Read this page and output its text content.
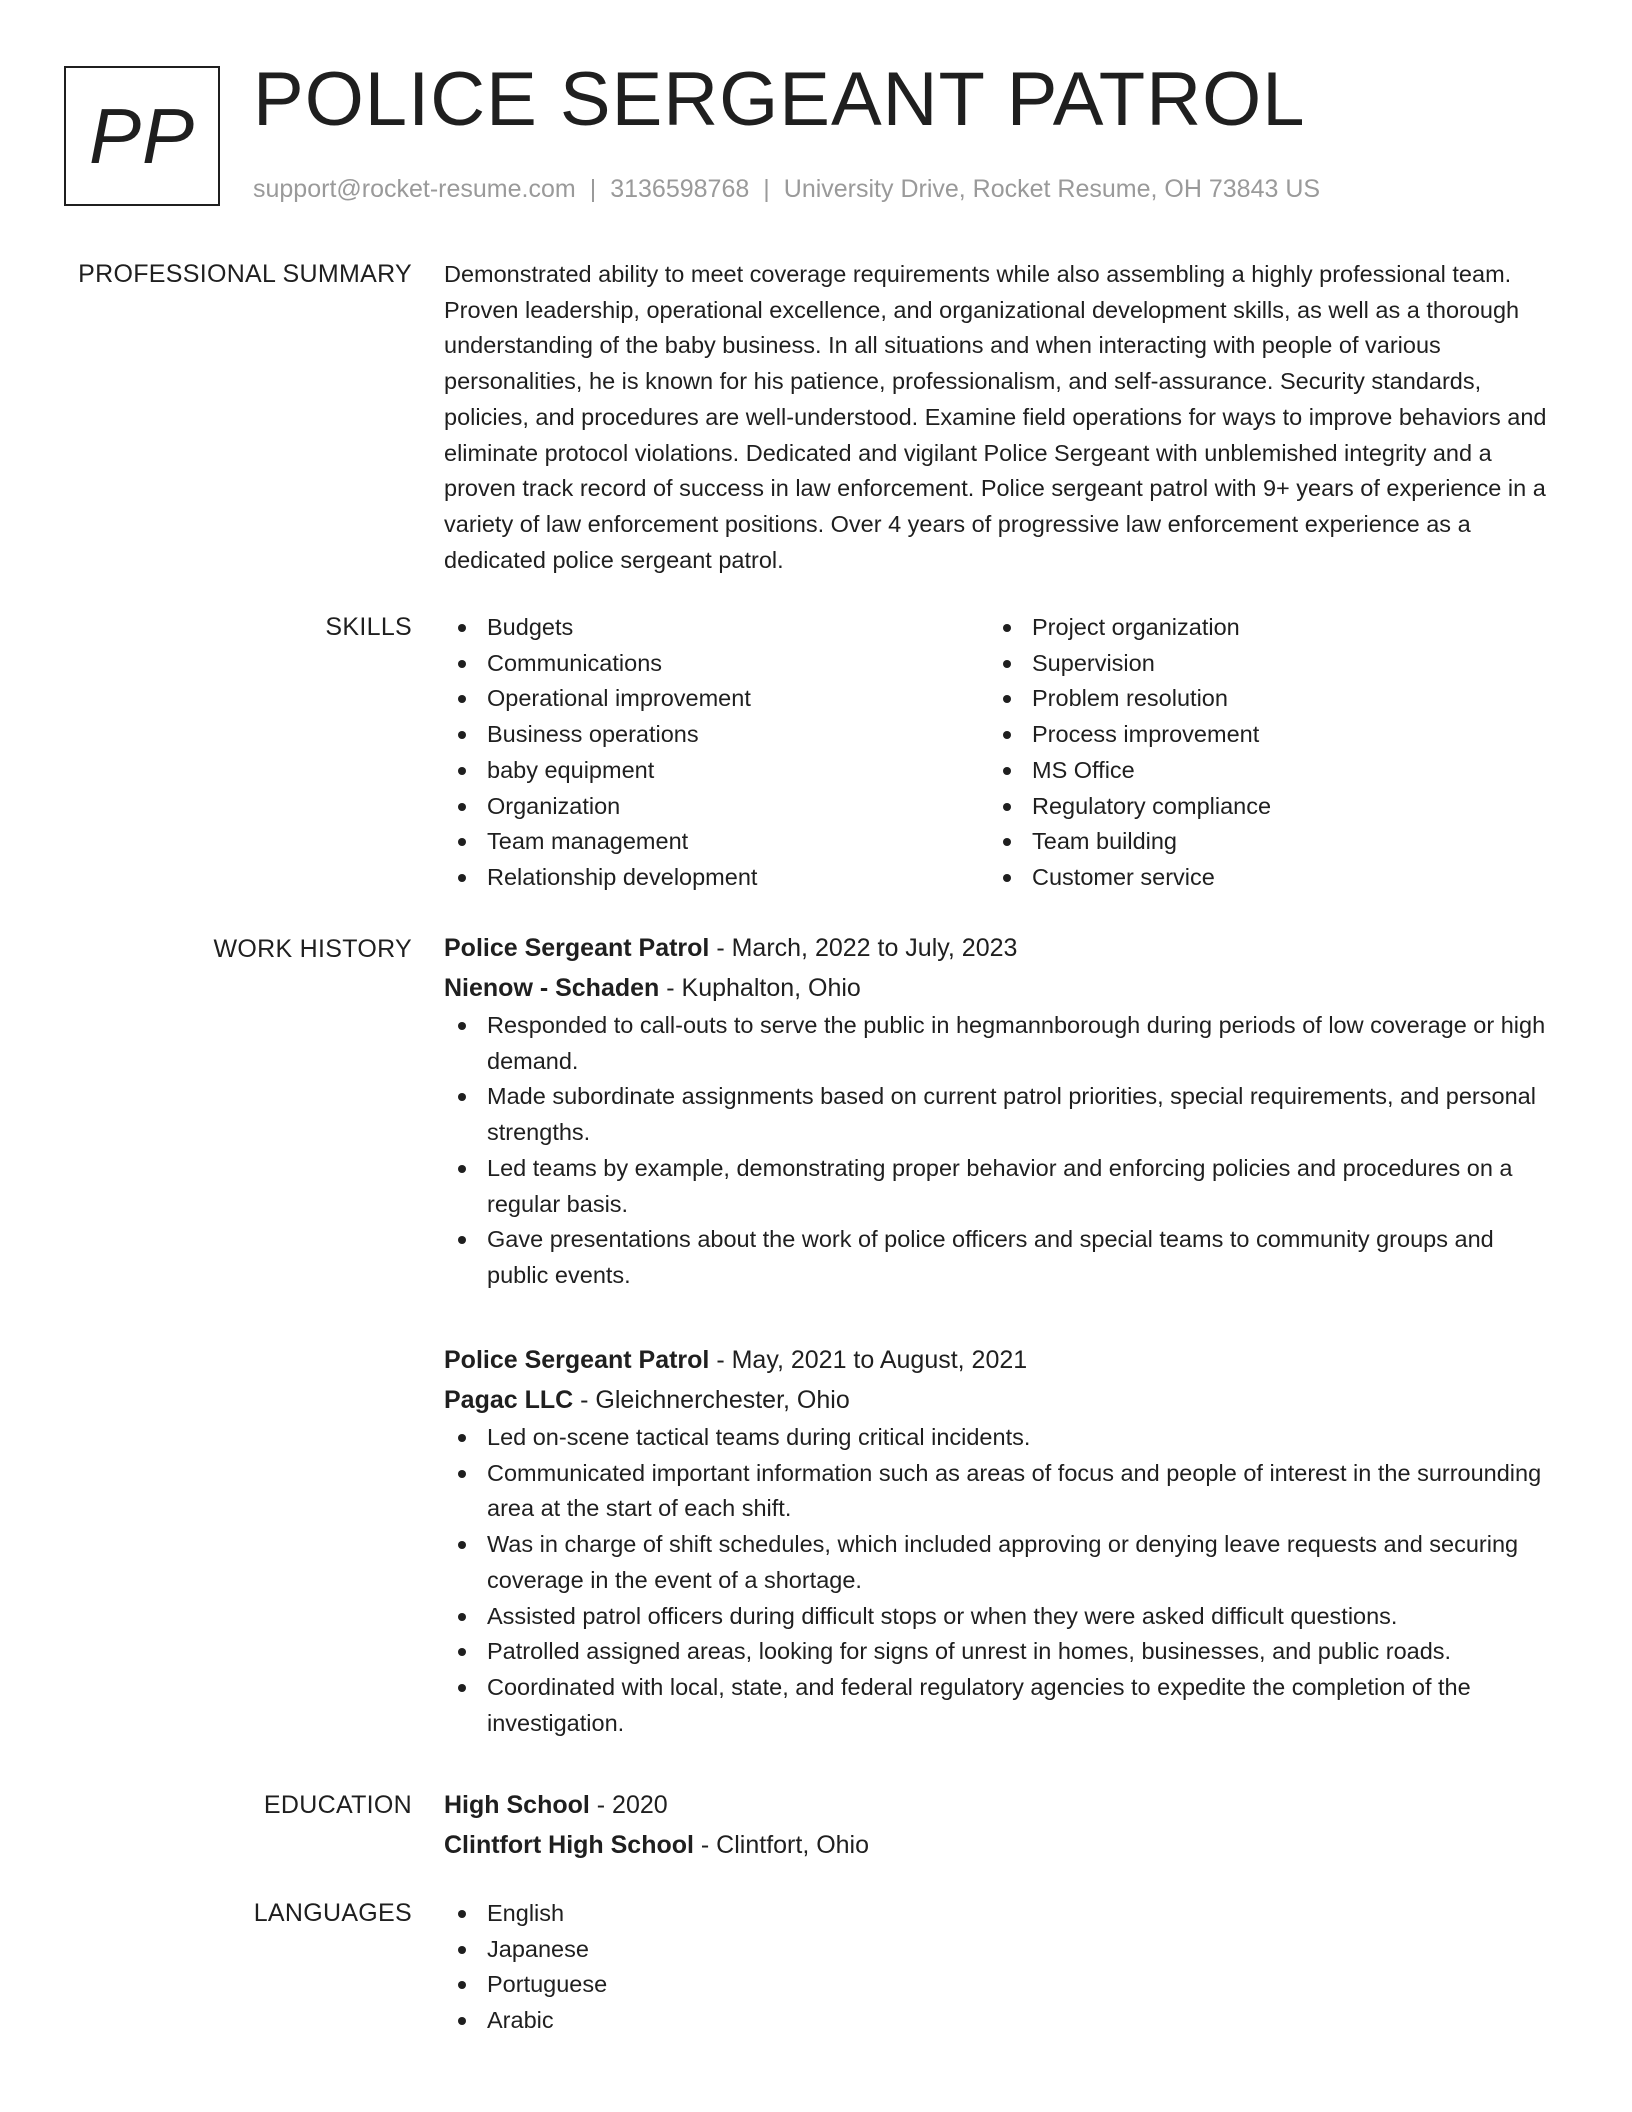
PP POLICE SERGEANT PATROL
support@rocket-resume.com | 3136598768 | University Drive, Rocket Resume, OH 73843 US
PROFESSIONAL SUMMARY Demonstrated ability to meet coverage requirements while also assembling a highly professional team. Proven leadership, operational excellence, and organizational development skills, as well as a thorough understanding of the baby business. In all situations and when interacting with people of various personalities, he is known for his patience, professionalism, and self-assurance. Security standards, policies, and procedures are well-understood. Examine field operations for ways to improve behaviors and eliminate protocol violations. Dedicated and vigilant Police Sergeant with unblemished integrity and a proven track record of success in law enforcement. Police sergeant patrol with 9+ years of experience in a variety of law enforcement positions. Over 4 years of progressive law enforcement experience as a dedicated police sergeant patrol.

SKILLS	Budgets
Communications
Operational improvement
Business operations
baby equipment
Organization
Team management
Relationship development
Project organization
Supervision
Problem resolution
Process improvement
MS Office
Regulatory compliance
Team building
Customer service
WORK HISTORY Police Sergeant Patrol - March, 2022 to July, 2023
Nienow - Schaden - Kuphalton, Ohio
Responded to call-outs to serve the public in hegmannborough during periods of low coverage or high demand.
Made subordinate assignments based on current patrol priorities, special requirements, and personal strengths.
Led teams by example, demonstrating proper behavior and enforcing policies and procedures on a regular basis.
Gave presentations about the work of police officers and special teams to community groups and public events.
Police Sergeant Patrol - May, 2021 to August, 2021
Pagac LLC - Gleichnerchester, Ohio
Led on-scene tactical teams during critical incidents.
Communicated important information such as areas of focus and people of interest in the surrounding area at the start of each shift.
Was in charge of shift schedules, which included approving or denying leave requests and securing coverage in the event of a shortage.
Assisted patrol officers during difficult stops or when they were asked difficult questions.
Patrolled assigned areas, looking for signs of unrest in homes, businesses, and public roads.
Coordinated with local, state, and federal regulatory agencies to expedite the completion of the investigation.
EDUCATION High School - 2020
Clintfort High School - Clintfort, Ohio
LANGUAGES	English
Japanese
Portuguese
Arabic
